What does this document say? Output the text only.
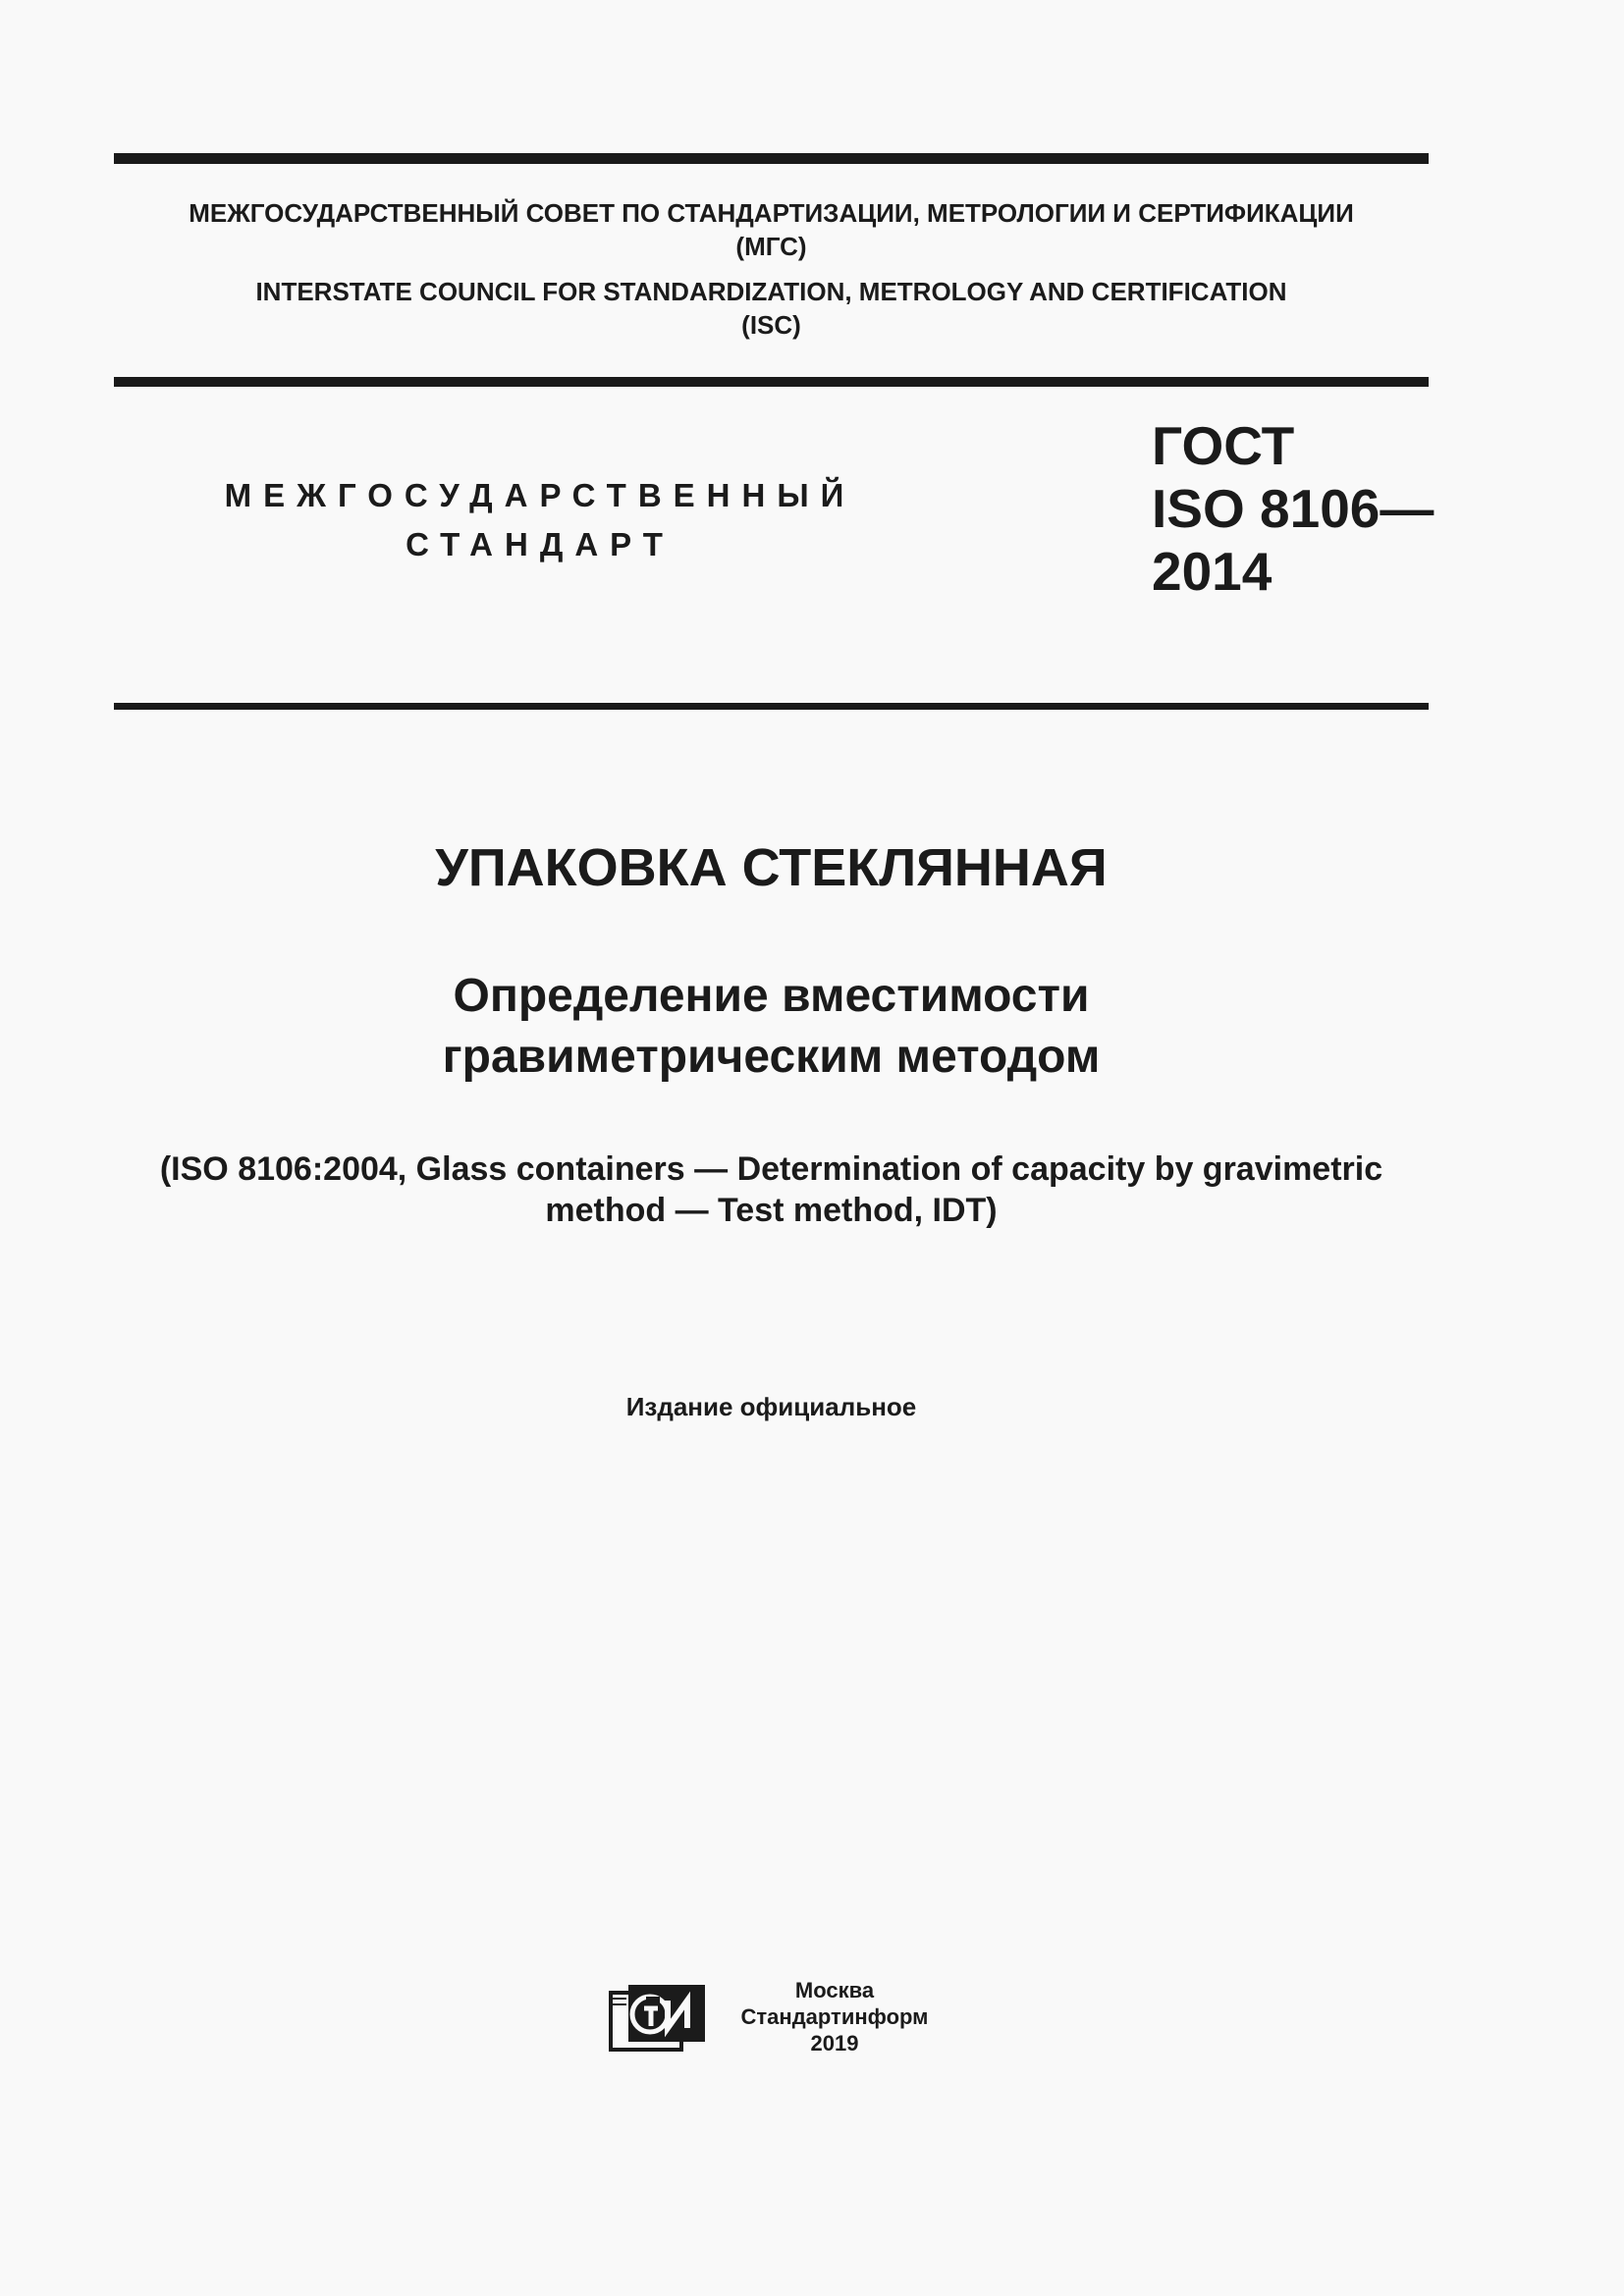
МЕЖГОСУДАРСТВЕННЫЙ СОВЕТ ПО СТАНДАРТИЗАЦИИ, МЕТРОЛОГИИ И СЕРТИФИКАЦИИ
(МГС)
INTERSTATE COUNCIL FOR STANDARDIZATION, METROLOGY AND CERTIFICATION
(ISC)
МЕЖГОСУДАРСТВЕННЫЙ
СТАНДАРТ
ГОСТ
ISO 8106—
2014
УПАКОВКА СТЕКЛЯННАЯ
Определение вместимости
гравиметрическим методом
(ISO 8106:2004, Glass containers — Determination of capacity by gravimetric
method — Test method, IDT)
Издание официальное
Москва
Стандартинформ
2019
